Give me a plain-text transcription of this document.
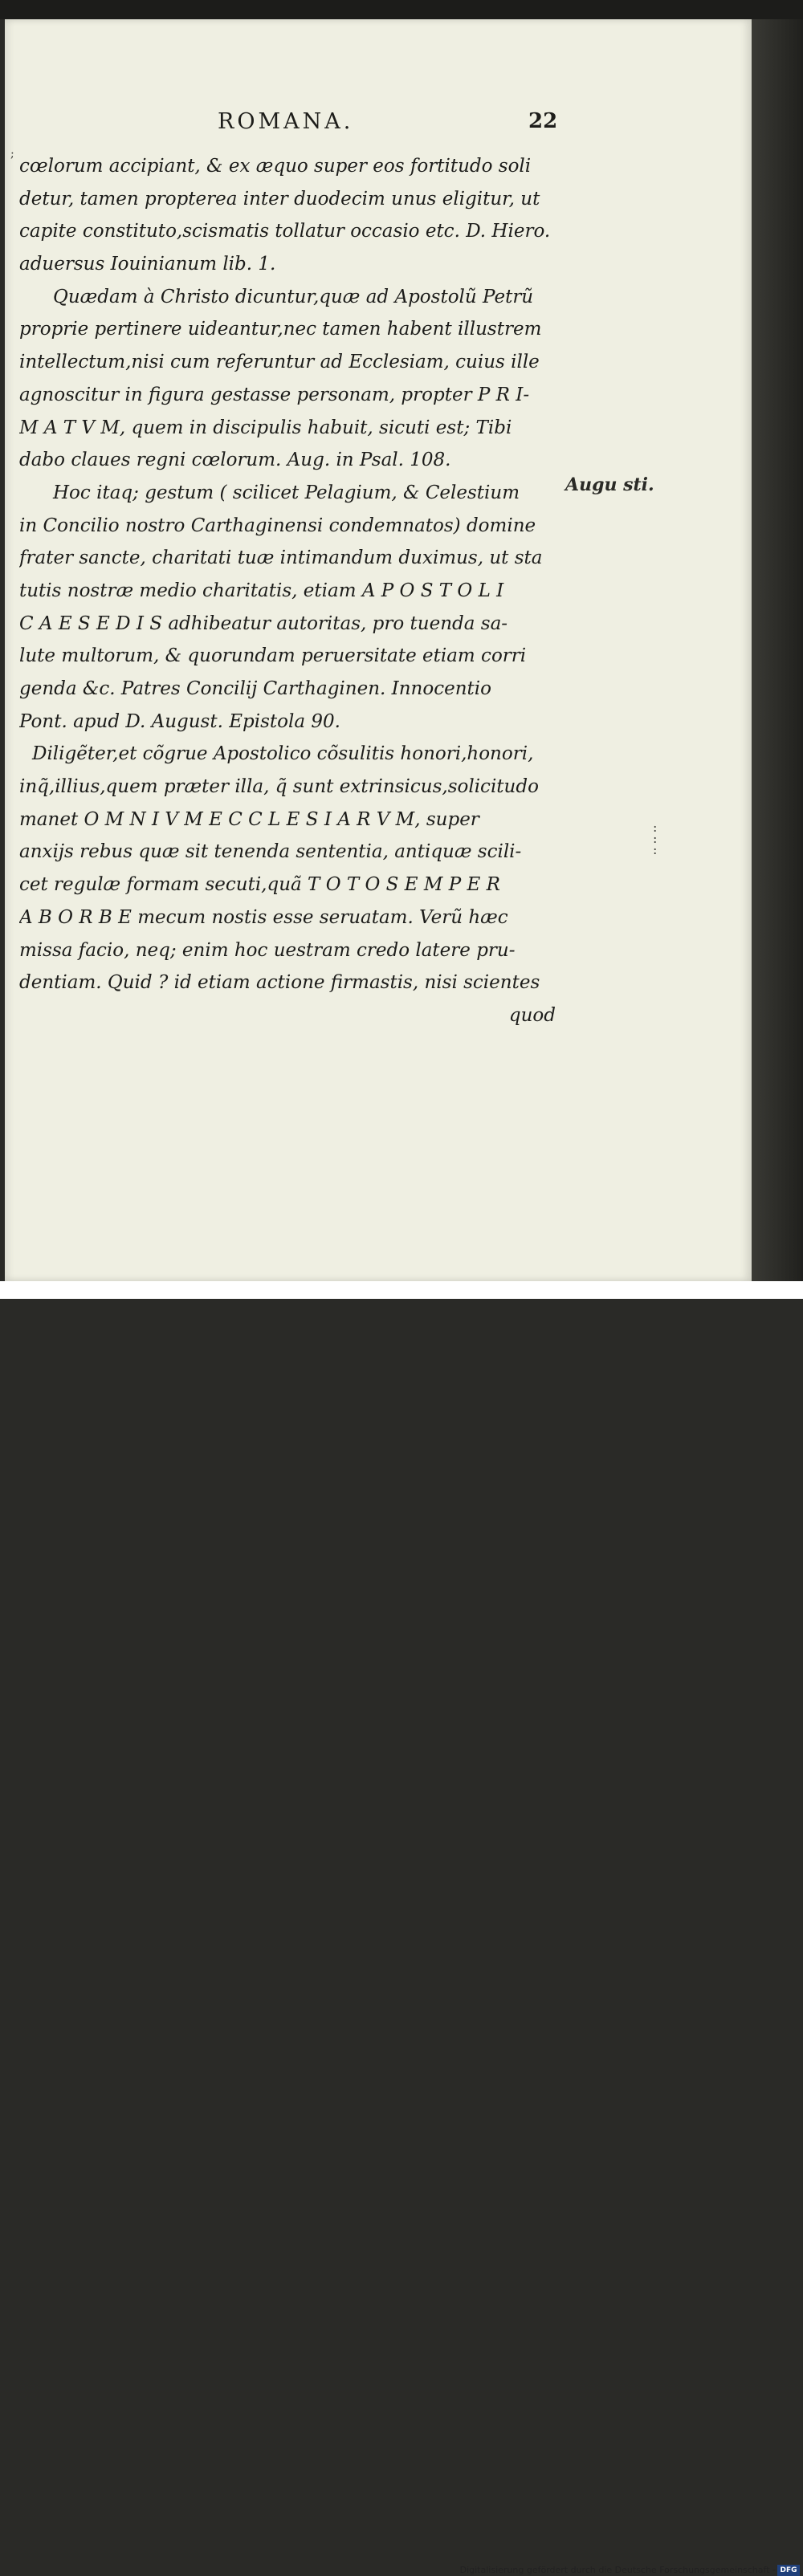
;
ROMANA.	22
cœlorum accipiant, & ex æquo super eos fortitudo soli
detur, tamen propterea inter duodecim unus eligitur, ut
capite constituto,scismatis tollatur occasio etc. D. Hiero.
aduersus Iouinianum lib. 1.
Quædam à Christo dicuntur,quæ ad Apostolũ Petrũ
proprie pertinere uideantur,nec tamen habent illustrem
intellectum,nisi cum referuntur ad Ecclesiam, cuius ille
agnoscitur in figura gestasse personam, propter P R I-
M A T V M, quem in discipulis habuit, sicuti est; Tibi
dabo claues regni cœlorum. Aug. in Psal. 108.
Hoc itaq; gestum ( scilicet Pelagium, & Celestium
in Concilio nostro Carthaginensi condemnatos) domine
frater sancte, charitati tuæ intimandum duximus, ut sta
tutis nostræ medio charitatis, etiam A P O S T O L I
C A E S E D I S adhibeatur autoritas, pro tuenda sa-
lute multorum, & quorundam peruersitate etiam corri
genda &c. Patres Concilij Carthaginen. Innocentio
Pont. apud D. August. Epistola 90.
Diligẽter,et cõgrue Apostolico cõsulitis honori,honori,
inq̃,illius,quem præter illa, q̃ sunt extrinsicus,solicitudo
manet O M N I V M E C C L E S I A R V M, super
anxijs rebus quæ sit tenenda sententia, antiquæ scili-
cet regulæ formam secuti,quã T O T O S E M P E R
A B O R B E mecum nostis esse seruatam. Verũ hæc
missa facio, neq; enim hoc uestram credo latere pru-
dentiam. Quid ? id etiam actione firmastis, nisi scientes
quod
Augu sti.
:
:
:
Digitalisierung gefördert durch die Deutsche Forschungsgemeinschaft - DFG
